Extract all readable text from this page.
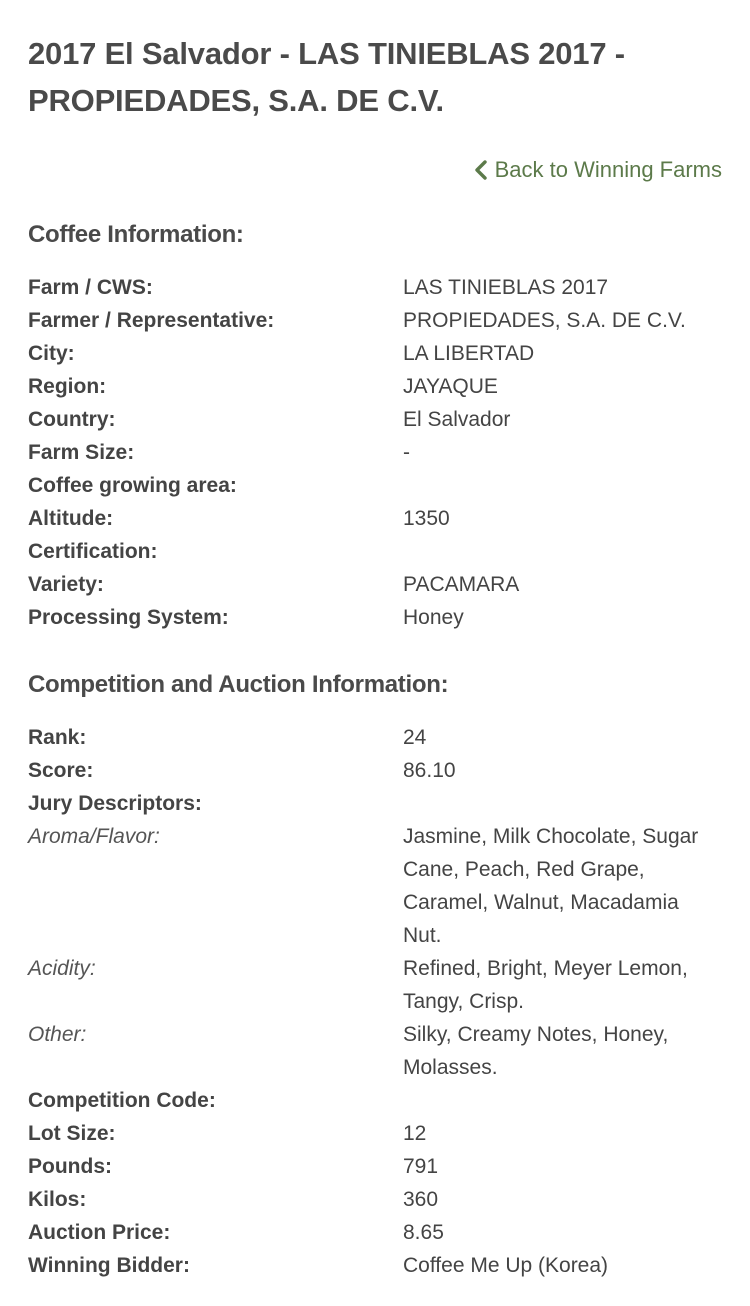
2017 El Salvador - LAS TINIEBLAS 2017 - PROPIEDADES, S.A. DE C.V.
Back to Winning Farms
Coffee Information:
Farm / CWS:	LAS TINIEBLAS 2017
Farmer / Representative:	PROPIEDADES, S.A. DE C.V.
City:	LA LIBERTAD
Region:	JAYAQUE
Country:	El Salvador
Farm Size:	-
Coffee growing area:
Altitude:	1350
Certification:
Variety:	PACAMARA
Processing System:	Honey
Competition and Auction Information:
Rank:	24
Score:	86.10
Jury Descriptors:
Aroma/Flavor:	Jasmine, Milk Chocolate, Sugar Cane, Peach, Red Grape, Caramel, Walnut, Macadamia Nut.
Acidity:	Refined, Bright, Meyer Lemon, Tangy, Crisp.
Other:	Silky, Creamy Notes, Honey, Molasses.
Competition Code:
Lot Size:	12
Pounds:	791
Kilos:	360
Auction Price:	8.65
Winning Bidder:	Coffee Me Up (Korea)
